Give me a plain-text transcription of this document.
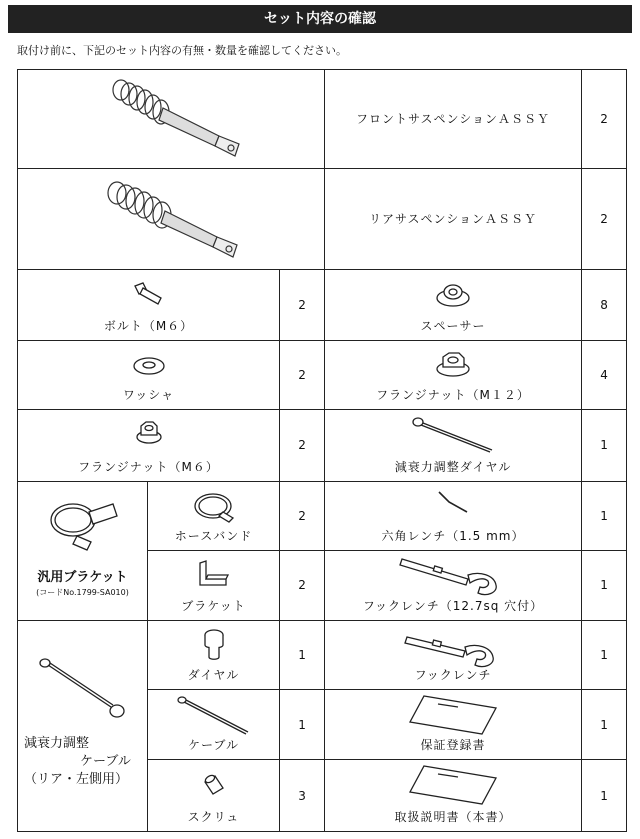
セット内容の確認
取付け前に、下記のセット内容の有無・数量を確認してください。
	フロントサスペンションＡＳＳＹ	2

	リアサスペンションＡＳＳＹ	2

ボルト（M６）		2	スペーサー	8

ワッシャ		2	フランジナット（M１２）	4

フランジナット（M６）		2	減衰力調整ダイヤル	1

汎用ブラケット
(コードNo.1799-SA010)	ホースバンド	2	六角レンチ（1.5 mm）	1

	ブラケット	2	フックレンチ（12.7sq 穴付）	1

減衰力調整
ケーブル
（リア・左側用）	ダイヤル	1	フックレンチ	1

	ケーブル	1	保証登録書	1

	スクリュ	3	取扱説明書（本書）	1
